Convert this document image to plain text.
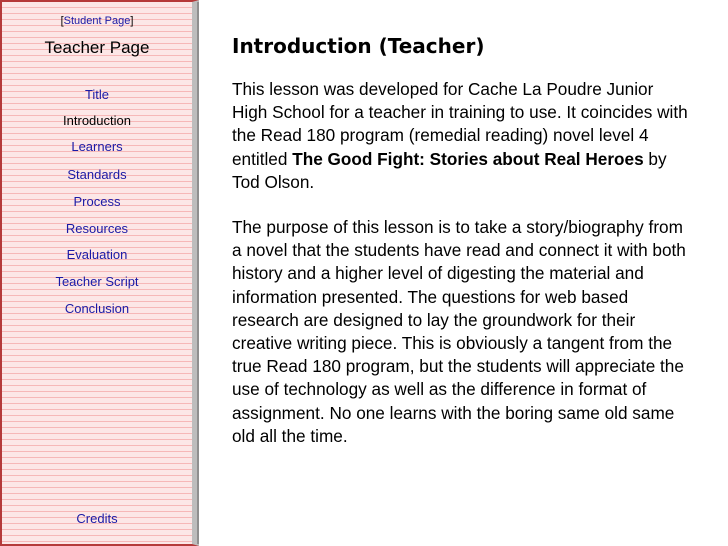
[Student Page]
Teacher Page
Title
Introduction
Learners
Standards
Process
Resources
Evaluation
Teacher Script
Conclusion
Credits
Introduction (Teacher)

This lesson was developed for Cache La Poudre Junior High School for a teacher in training to use. It coincides with the Read 180 program (remedial reading) novel level 4 entitled The Good Fight: Stories about Real Heroes by Tod Olson.

The purpose of this lesson is to take a story/biography from a novel that the students have read and connect it with both history and a higher level of digesting the material and information presented. The questions for web based research are designed to lay the groundwork for their creative writing piece. This is obviously a tangent from the true Read 180 program, but the students will appreciate the use of technology as well as the difference in format of assignment. No one learns with the boring same old same old all the time.
